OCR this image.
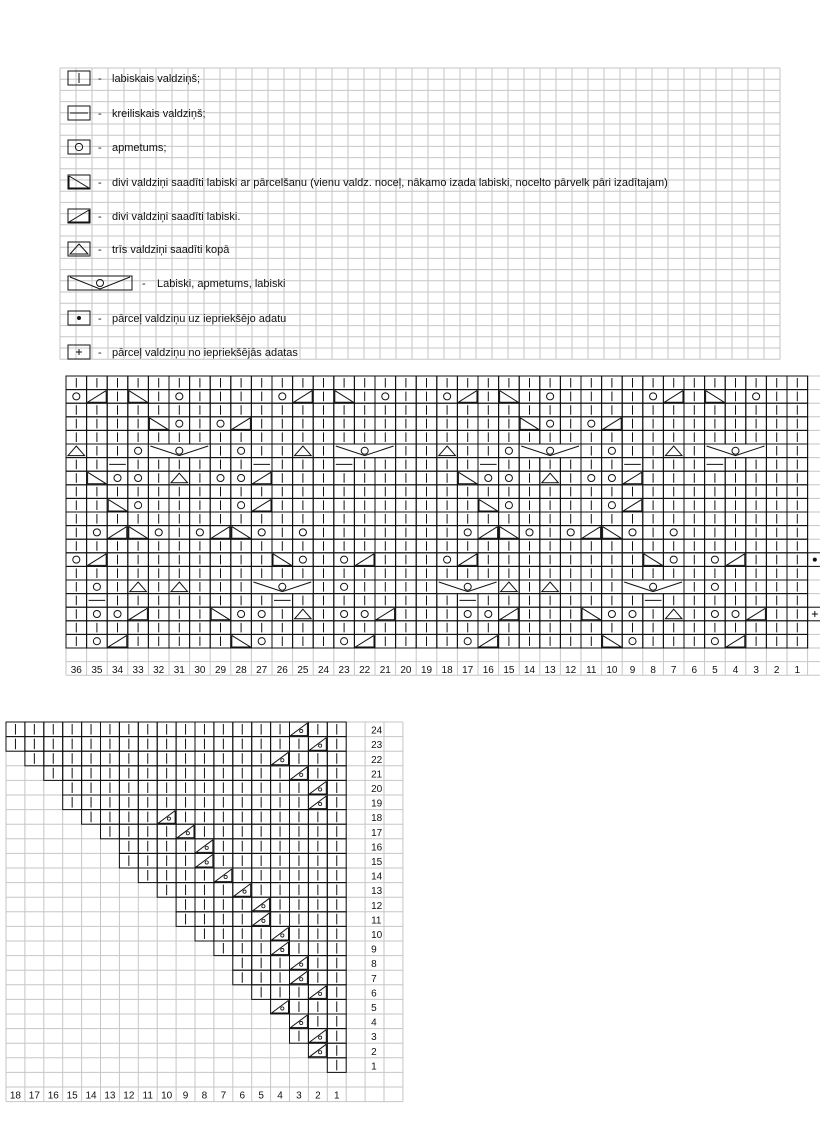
- labiskais valdziņš;
- kreiliskais valdziņš;
- apmetums;
- divi valdziņi saadīti labiski ar pārcelšanu (vienu valdz. noceļ, nākamo izada labiski, nocelto pārvelk pāri izadītajam)
- divi valdziņi saadīti labiski.
- trīs valdziņi saadīti kopā
- Labiski, apmetums, labiski
- pārceļ valdziņu uz iepriekšējo adatu
- pārceļ valdziņu no iepriekšējās adatas
36 35 34 33 32 31 30 29 28 27 26 25 24 23 22 21 20 19 18 17 16 15 14 13 12 11 10 9 8 7 6 5 4 3 2 1
24
23
22
21
20
19
18
17
16
15
14
13
12
11
10
9
8
7
6
5
4
3
2
1
18 17 16 15 14 13 12 11 10 9 8 7 6 5 4 3 2 1
